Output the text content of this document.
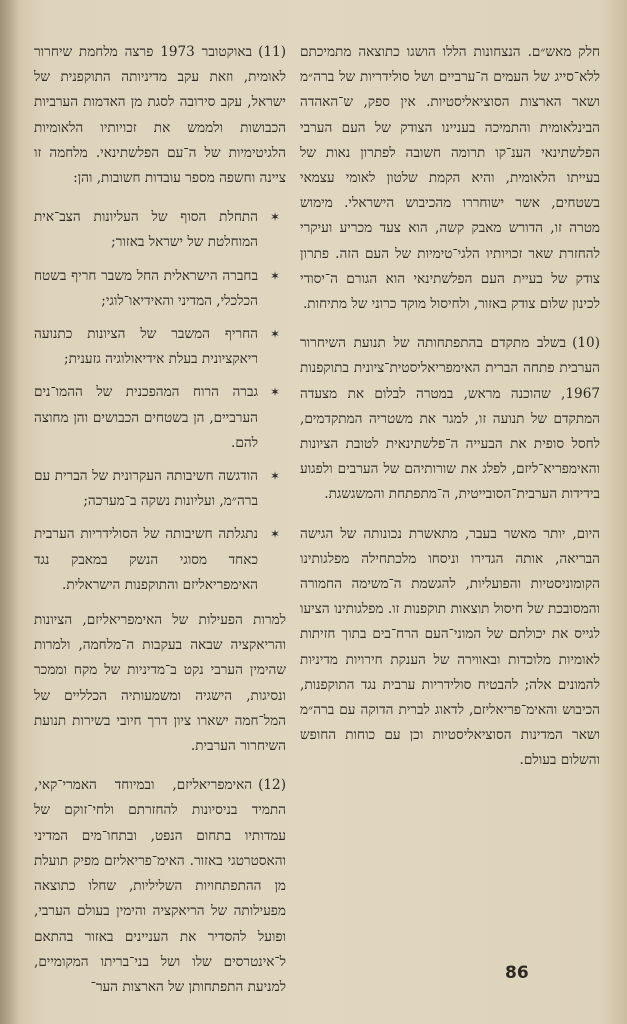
חלק מאש״ם. הנצחונות הללו הושגו כתוצאה מתמיכתם ללא־סייג של העמים ה־ערביים ושל סולידריות של ברה״מ ושאר הארצות הסוציאליסטיות. אין ספק, ש־האהדה הבינלאומית והתמיכה בעניינו הצודק של העם הערבי הפלשתינאי הענ־קו תרומה חשובה לפתרון נאות של בעייתו הלאומית, והיא הקמת שלטון לאומי עצמאי בשטחים, אשר ישוחררו מהכיבוש הישראלי. מימוש מטרה זו, הדורש מאבק קשה, הוא צעד מכריע ועיקרי להחזרת שאר זכויותיו הלגי־טימיות של העם הזה. פתרון צודק של בעיית העם הפלשתינאי הוא הגורם ה־יסודי לכינון שלום צודק באזור, ולחיסול מוקד כרוני של מתיחות.

(10)בשלב מתקדם בהתפתחותה של תנועת השיחרור הערבית פתחה הברית האימפריאליסטית־ציונית בתוקפנות 1967, שהוכנה מראש, במטרה לבלום את מצעדה המתקדם של תנועה זו, למגר את משטריה המתקדמים, לחסל סופית את הבעייה ה־פלשתינאית לטובת הציונות והאימפריא־ליזם, לפלג את שורותיהם של הערבים ולפגוע בידידות הערבית־הסובייטית, ה־מתפתחת והמשגשגת.

היום, יותר מאשר בעבר, מתאשרת נכונותה של הגישה הבריאה, אותה הגדירו וניסחו מלכתחילה מפלגותינו הקומוניסטיות והפועליות, להגשמת ה־משימה החמורה והמסובכת של חיסול תוצאות תוקפנות זו. מפלגותינו הציעו לגייס את יכולתם של המוני־העם הרח־בים בתוך חזיתות לאומיות מלוכדות ובאווירה של הענקת חירויות מדיניות להמונים אלה; להבטיח סולידריות ערבית נגד התוקפנות, הכיבוש והאימ־פריאליזם, לדאוג לברית הדוקה עם ברה״מ ושאר המדינות הסוציאליסטיות וכן עם כוחות החופש והשלום בעולם.

(11)באוקטובר 1973 פרצה מלחמת שיחרור לאומית, וזאת עקב מדיניותה התוקפנית של ישראל, עקב סירובה לסגת מן האדמות הערביות הכבושות ולממש את זכויותיו הלאומיות הלגיטימיות של ה־עם הפלשתינאי. מלחמה זו ציינה וחשפה מספר עובדות חשובות, והן:

✶
התחלת הסוף של העליונות הצב־אית המוחלטת של ישראל באזור;
✶
בחברה הישראלית החל משבר חריף בשטח הכלכלי, המדיני והאידיאו־לוגי;
✶
החריף המשבר של הציונות כתנועה ריאקציונית בעלת אידיאולוגיה גזענית;
✶
גברה הרוח המהפכנית של ההמו־נים הערביים, הן בשטחים הכבושים והן מחוצה להם.
✶
הודגשה חשיבותה העקרונית של הברית עם ברה״מ, ועליונות נשקה ב־מערכה;
✶
נתגלתה חשיבותה של הסולידריות הערבית כאחד מסוגי הנשק במאבק נגד האימפריאליזם והתוקפנות הישראלית.

למרות הפעילות של האימפריאליזם, הציונות והריאקציה שבאה בעקבות ה־מלחמה, ולמרות שהימין הערבי נקט ב־מדיניות של מקח וממכר ונסיגות, הישגיה ומשמעותיה הכלליים של המל־חמה ישארו ציון דרך חיובי בשירות תנועת השיחרור הערבית.

(12)האימפריאליזם, ובמיוחד האמרי־קאי, התמיד בניסיונות להחזרתם ולחי־זוקם של עמדותיו בתחום הנפט, ובתחו־מים המדיני והאסטרטגי באזור. האימ־פריאליזם מפיק תועלת מן ההתפתחויות השליליות, שחלו כתוצאה מפעילותה של הריאקציה והימין בעולם הערבי, ופועל להסדיר את העניינים באזור בהתאם ל־אינטרסים שלו ושל בני־בריתו המקומיים, למניעת התפתחותן של הארצות הער־

86
